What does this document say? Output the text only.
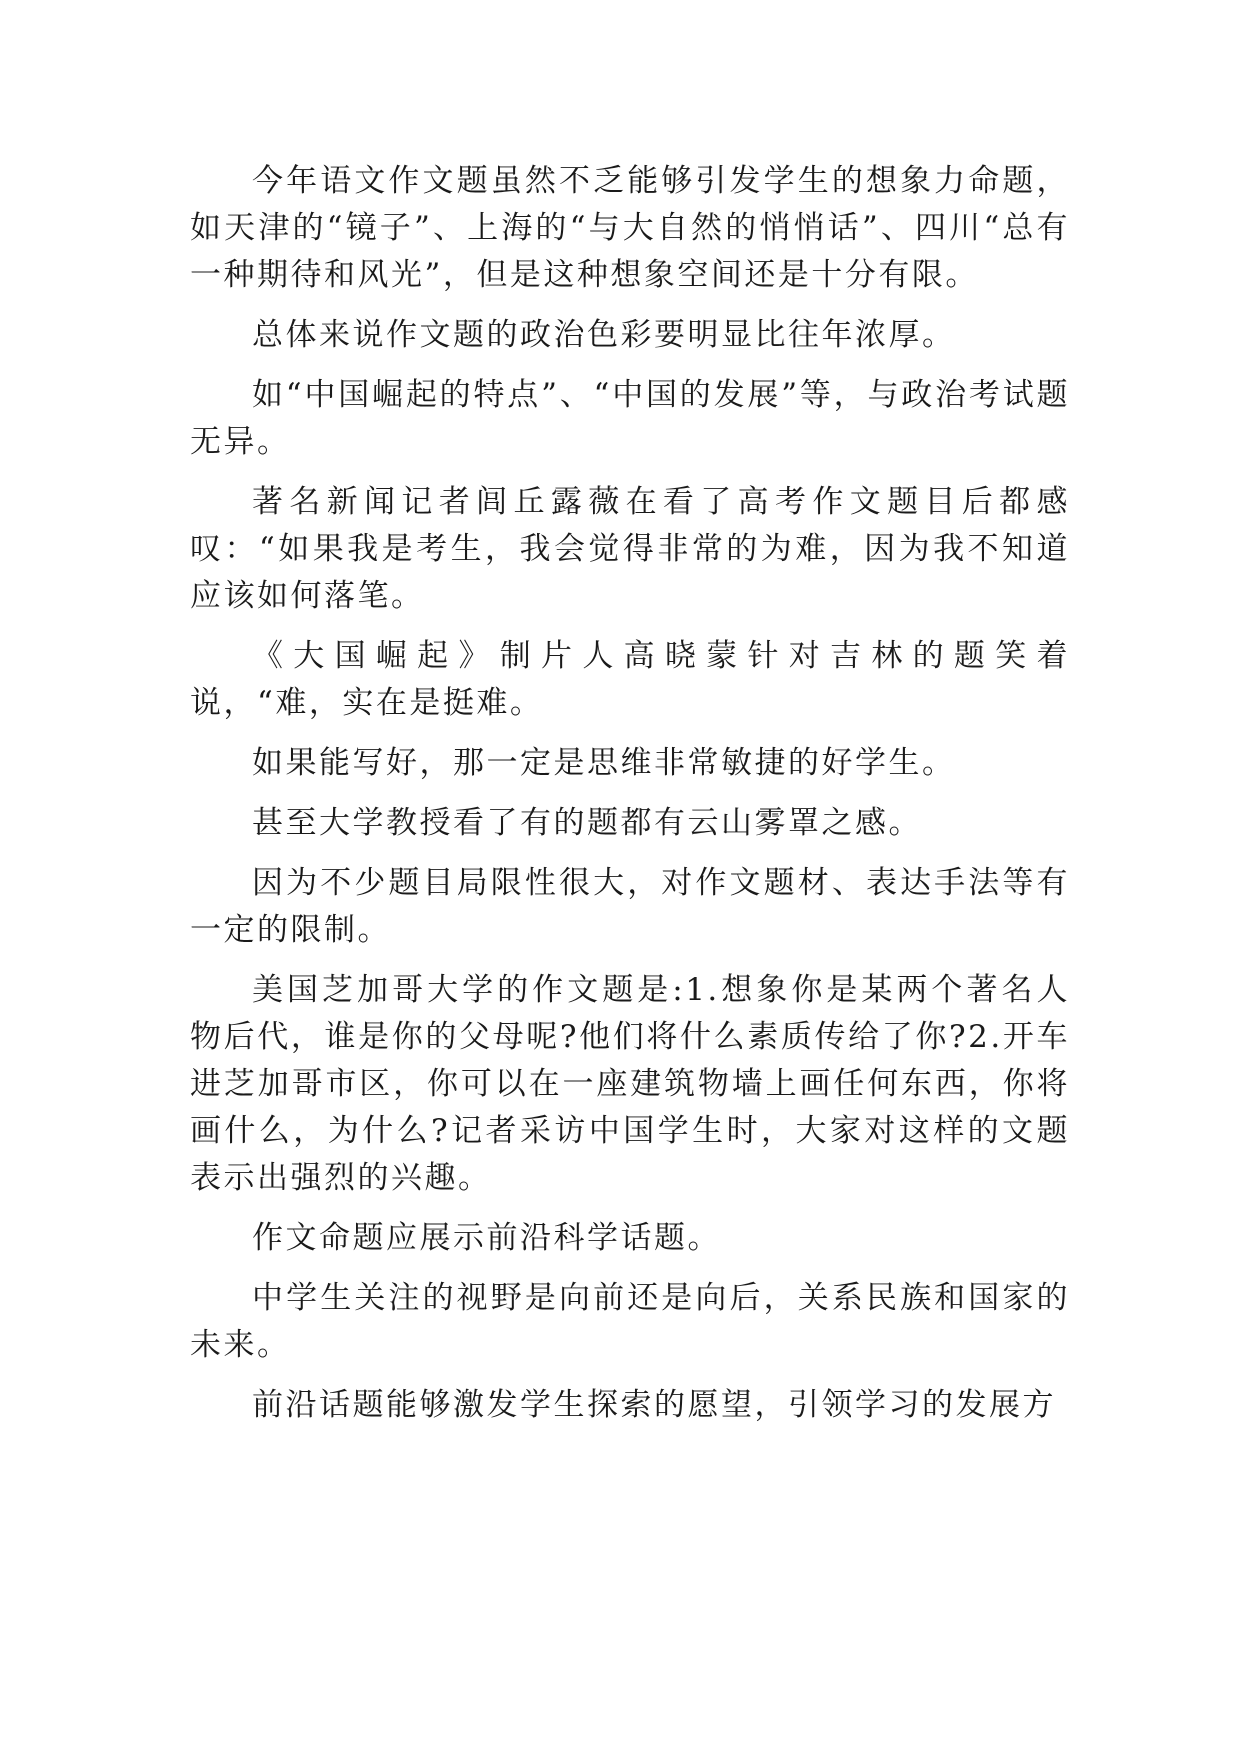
今年语文作文题虽然不乏能够引发学生的想象力命题，如天津的“镜子”、上海的“与大自然的悄悄话”、四川“总有一种期待和风光”，但是这种想象空间还是十分有限。

总体来说作文题的政治色彩要明显比往年浓厚。

如“中国崛起的特点”、“中国的发展”等，与政治考试题无异。

著名新闻记者闾丘露薇在看了高考作文题目后都感叹：“如果我是考生，我会觉得非常的为难，因为我不知道应该如何落笔。

《大国崛起》制片人高晓蒙针对吉林的题笑着说，“难，实在是挺难。

如果能写好，那一定是思维非常敏捷的好学生。

甚至大学教授看了有的题都有云山雾罩之感。

因为不少题目局限性很大，对作文题材、表达手法等有一定的限制。

美国芝加哥大学的作文题是:1.想象你是某两个著名人物后代，谁是你的父母呢?他们将什么素质传给了你?2.开车进芝加哥市区，你可以在一座建筑物墙上画任何东西，你将画什么，为什么?记者采访中国学生时，大家对这样的文题表示出强烈的兴趣。

作文命题应展示前沿科学话题。

中学生关注的视野是向前还是向后，关系民族和国家的未来。

前沿话题能够激发学生探索的愿望，引领学习的发展方
